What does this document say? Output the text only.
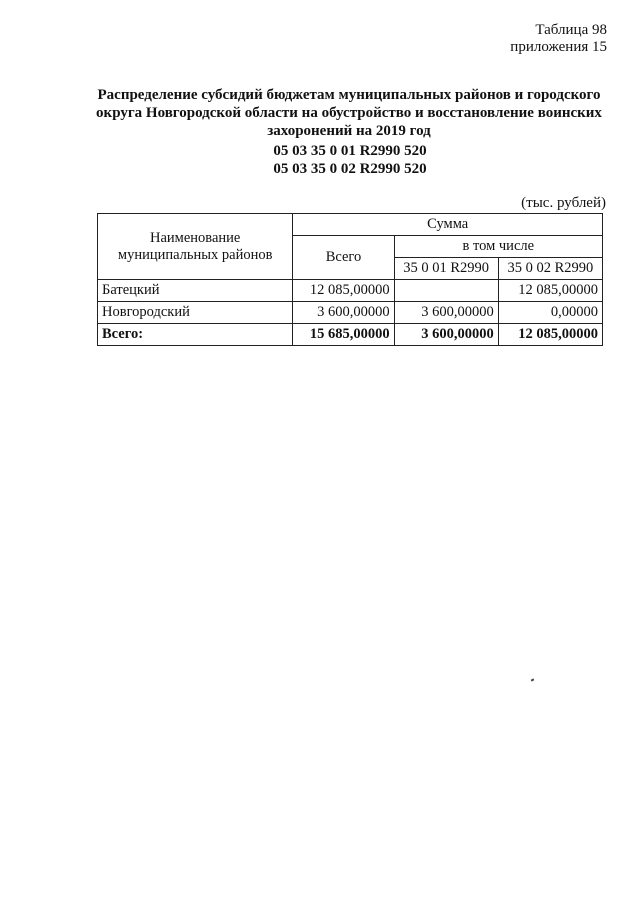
Таблица 98
приложения 15
Распределение субсидий бюджетам муниципальных районов и городского
округа Новгородской области на обустройство и восстановление воинских
захоронений на 2019 год
05 03 35 0 01 R2990 520
05 03 35 0 02 R2990 520
(тыс. рублей)
Наименование муниципальных районов	Сумма		
	Всего	в том числе	
		35 0 01 R2990	35 0 02 R2990
Батецкий	12 085,00000		12 085,00000
Новгородский	3 600,00000	3 600,00000	0,00000
Всего:	15 685,00000	3 600,00000	12 085,00000
